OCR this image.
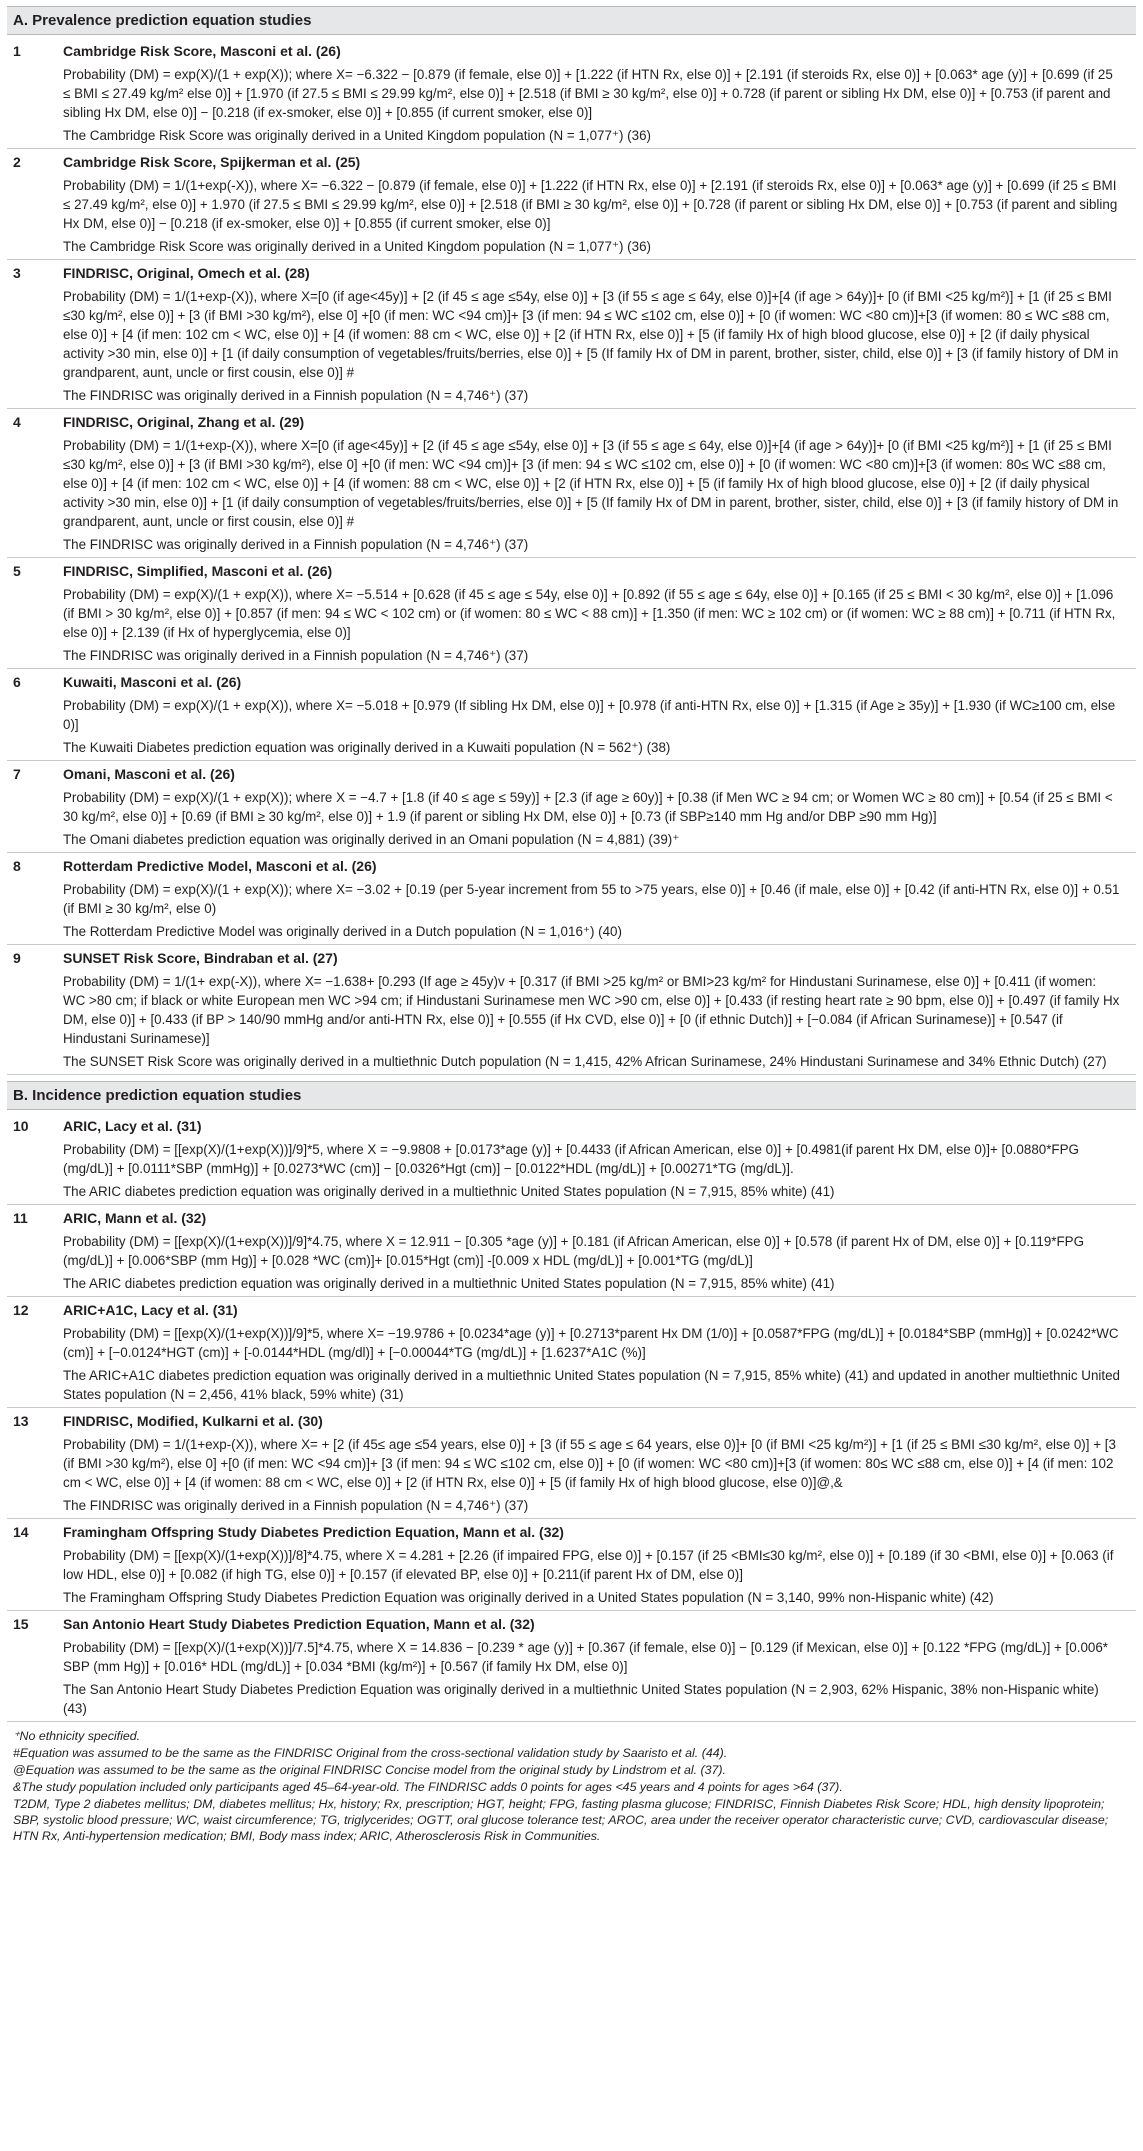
A. Prevalence prediction equation studies
1	Cambridge Risk Score, Masconi et al. (26)
Probability (DM) = exp(X)/(1 + exp(X)); where X= −6.322 − [0.879 (if female, else 0)] + [1.222 (if HTN Rx, else 0)] + [2.191 (if steroids Rx, else 0)] + [0.063* age (y)] + [0.699 (if 25 ≤ BMI ≤ 27.49 kg/m² else 0)] + [1.970 (if 27.5 ≤ BMI ≤ 29.99 kg/m², else 0)] + [2.518 (if BMI ≥ 30 kg/m², else 0)] + 0.728 (if parent or sibling Hx DM, else 0)] + [0.753 (if parent and sibling Hx DM, else 0)] − [0.218 (if ex-smoker, else 0)] + [0.855 (if current smoker, else 0)]
The Cambridge Risk Score was originally derived in a United Kingdom population (N = 1,077⁺) (36)
2	Cambridge Risk Score, Spijkerman et al. (25)
Probability (DM) = 1/(1+exp(-X)), where X= −6.322 − [0.879 (if female, else 0)] + [1.222 (if HTN Rx, else 0)] + [2.191 (if steroids Rx, else 0)] + [0.063* age (y)] + [0.699 (if 25 ≤ BMI ≤ 27.49 kg/m², else 0)] + 1.970 (if 27.5 ≤ BMI ≤ 29.99 kg/m², else 0)] + [2.518 (if BMI ≥ 30 kg/m², else 0)] + [0.728 (if parent or sibling Hx DM, else 0)] + [0.753 (if parent and sibling Hx DM, else 0)] − [0.218 (if ex-smoker, else 0)] + [0.855 (if current smoker, else 0)]
The Cambridge Risk Score was originally derived in a United Kingdom population (N = 1,077⁺) (36)
3	FINDRISC, Original, Omech et al. (28)
Probability (DM) = 1/(1+exp-(X)), where X=[0 (if age<45y)] + [2 (if 45 ≤ age ≤54y, else 0)] + [3 (if 55 ≤ age ≤ 64y, else 0)]+[4 (if age > 64y)]+ [0 (if BMI <25 kg/m²)] + [1 (if 25 ≤ BMI ≤30 kg/m², else 0)] + [3 (if BMI >30 kg/m²), else 0] +[0 (if men: WC <94 cm)]+ [3 (if men: 94 ≤ WC ≤102 cm, else 0)] + [0 (if women: WC <80 cm)]+[3 (if women: 80 ≤ WC ≤88 cm, else 0)] + [4 (if men: 102 cm < WC, else 0)] + [4 (if women: 88 cm < WC, else 0)] + [2 (if HTN Rx, else 0)] + [5 (if family Hx of high blood glucose, else 0)] + [2 (if daily physical activity >30 min, else 0)] + [1 (if daily consumption of vegetables/fruits/berries, else 0)] + [5 (If family Hx of DM in parent, brother, sister, child, else 0)] + [3 (if family history of DM in grandparent, aunt, uncle or first cousin, else 0)] #
The FINDRISC was originally derived in a Finnish population (N = 4,746⁺) (37)
4	FINDRISC, Original, Zhang et al. (29)
Probability (DM) = 1/(1+exp-(X)), where X=[0 (if age<45y)] + [2 (if 45 ≤ age ≤54y, else 0)] + [3 (if 55 ≤ age ≤ 64y, else 0)]+[4 (if age > 64y)]+ [0 (if BMI <25 kg/m²)] + [1 (if 25 ≤ BMI ≤30 kg/m², else 0)] + [3 (if BMI >30 kg/m²), else 0] +[0 (if men: WC <94 cm)]+ [3 (if men: 94 ≤ WC ≤102 cm, else 0)] + [0 (if women: WC <80 cm)]+[3 (if women: 80≤ WC ≤88 cm, else 0)] + [4 (if men: 102 cm < WC, else 0)] + [4 (if women: 88 cm < WC, else 0)] + [2 (if HTN Rx, else 0)] + [5 (if family Hx of high blood glucose, else 0)] + [2 (if daily physical activity >30 min, else 0)] + [1 (if daily consumption of vegetables/fruits/berries, else 0)] + [5 (If family Hx of DM in parent, brother, sister, child, else 0)] + [3 (if family history of DM in grandparent, aunt, uncle or first cousin, else 0)] #
The FINDRISC was originally derived in a Finnish population (N = 4,746⁺) (37)
5	FINDRISC, Simplified, Masconi et al. (26)
Probability (DM) = exp(X)/(1 + exp(X)), where X= −5.514 + [0.628 (if 45 ≤ age ≤ 54y, else 0)] + [0.892 (if 55 ≤ age ≤ 64y, else 0)] + [0.165 (if 25 ≤ BMI < 30 kg/m², else 0)] + [1.096 (if BMI > 30 kg/m², else 0)] + [0.857 (if men: 94 ≤ WC < 102 cm) or (if women: 80 ≤ WC < 88 cm)] + [1.350 (if men: WC ≥ 102 cm) or (if women: WC ≥ 88 cm)] + [0.711 (if HTN Rx, else 0)] + [2.139 (if Hx of hyperglycemia, else 0)]
The FINDRISC was originally derived in a Finnish population (N = 4,746⁺) (37)
6	Kuwaiti, Masconi et al. (26)
Probability (DM) = exp(X)/(1 + exp(X)), where X= −5.018 + [0.979 (If sibling Hx DM, else 0)] + [0.978 (if anti-HTN Rx, else 0)] + [1.315 (if Age ≥ 35y)] + [1.930 (if WC≥100 cm, else 0)]
The Kuwaiti Diabetes prediction equation was originally derived in a Kuwaiti population (N = 562⁺) (38)
7	Omani, Masconi et al. (26)
Probability (DM) = exp(X)/(1 + exp(X)); where X = −4.7 + [1.8 (if 40 ≤ age ≤ 59y)] + [2.3 (if age ≥ 60y)] + [0.38 (if Men WC ≥ 94 cm; or Women WC ≥ 80 cm)] + [0.54 (if 25 ≤ BMI < 30 kg/m², else 0)] + [0.69 (if BMI ≥ 30 kg/m², else 0)] + 1.9 (if parent or sibling Hx DM, else 0)] + [0.73 (if SBP≥140 mm Hg and/or DBP ≥90 mm Hg)]
The Omani diabetes prediction equation was originally derived in an Omani population (N = 4,881) (39)⁺
8	Rotterdam Predictive Model, Masconi et al. (26)
Probability (DM) = exp(X)/(1 + exp(X)); where X= −3.02 + [0.19 (per 5-year increment from 55 to >75 years, else 0)] + [0.46 (if male, else 0)] + [0.42 (if anti-HTN Rx, else 0)] + 0.51 (if BMI ≥ 30 kg/m², else 0)
The Rotterdam Predictive Model was originally derived in a Dutch population (N = 1,016⁺) (40)
9	SUNSET Risk Score, Bindraban et al. (27)
Probability (DM) = 1/(1+ exp(-X)), where X= −1.638+ [0.293 (If age ≥ 45y)v + [0.317 (if BMI >25 kg/m² or BMI>23 kg/m² for Hindustani Surinamese, else 0)] + [0.411 (if women: WC >80 cm; if black or white European men WC >94 cm; if Hindustani Surinamese men WC >90 cm, else 0)] + [0.433 (if resting heart rate ≥ 90 bpm, else 0)] + [0.497 (if family Hx DM, else 0)] + [0.433 (if BP > 140/90 mmHg and/or anti-HTN Rx, else 0)] + [0.555 (if Hx CVD, else 0)] + [0 (if ethnic Dutch)] + [−0.084 (if African Surinamese)] + [0.547 (if Hindustani Surinamese)]
The SUNSET Risk Score was originally derived in a multiethnic Dutch population (N = 1,415, 42% African Surinamese, 24% Hindustani Surinamese and 34% Ethnic Dutch) (27)
B. Incidence prediction equation studies
10	ARIC, Lacy et al. (31)
Probability (DM) = [[exp(X)/(1+exp(X))]/9]*5, where X = −9.9808 + [0.0173*age (y)] + [0.4433 (if African American, else 0)] + [0.4981(if parent Hx DM, else 0)]+ [0.0880*FPG (mg/dL)] + [0.0111*SBP (mmHg)] + [0.0273*WC (cm)] − [0.0326*Hgt (cm)] − [0.0122*HDL (mg/dL)] + [0.00271*TG (mg/dL)].
The ARIC diabetes prediction equation was originally derived in a multiethnic United States population (N = 7,915, 85% white) (41)
11	ARIC, Mann et al. (32)
Probability (DM) = [[exp(X)/(1+exp(X))]/9]*4.75, where X = 12.911 − [0.305 *age (y)] + [0.181 (if African American, else 0)] + [0.578 (if parent Hx of DM, else 0)] + [0.119*FPG (mg/dL)] + [0.006*SBP (mm Hg)] + [0.028 *WC (cm)]+ [0.015*Hgt (cm)] -[0.009 x HDL (mg/dL)] + [0.001*TG (mg/dL)]
The ARIC diabetes prediction equation was originally derived in a multiethnic United States population (N = 7,915, 85% white) (41)
12	ARIC+A1C, Lacy et al. (31)
Probability (DM) = [[exp(X)/(1+exp(X))]/9]*5, where X= −19.9786 + [0.0234*age (y)] + [0.2713*parent Hx DM (1/0)] + [0.0587*FPG (mg/dL)] + [0.0184*SBP (mmHg)] + [0.0242*WC (cm)] + [−0.0124*HGT (cm)] + [-0.0144*HDL (mg/dl)] + [−0.00044*TG (mg/dL)] + [1.6237*A1C (%)]
The ARIC+A1C diabetes prediction equation was originally derived in a multiethnic United States population (N = 7,915, 85% white) (41) and updated in another multiethnic United States population (N = 2,456, 41% black, 59% white) (31)
13	FINDRISC, Modified, Kulkarni et al. (30)
Probability (DM) = 1/(1+exp-(X)), where X= + [2 (if 45≤ age ≤54 years, else 0)] + [3 (if 55 ≤ age ≤ 64 years, else 0)]+ [0 (if BMI <25 kg/m²)] + [1 (if 25 ≤ BMI ≤30 kg/m², else 0)] + [3 (if BMI >30 kg/m²), else 0] +[0 (if men: WC <94 cm)]+ [3 (if men: 94 ≤ WC ≤102 cm, else 0)] + [0 (if women: WC <80 cm)]+[3 (if women: 80≤ WC ≤88 cm, else 0)] + [4 (if men: 102 cm < WC, else 0)] + [4 (if women: 88 cm < WC, else 0)] + [2 (if HTN Rx, else 0)] + [5 (if family Hx of high blood glucose, else 0)]@,&
The FINDRISC was originally derived in a Finnish population (N = 4,746⁺) (37)
14	Framingham Offspring Study Diabetes Prediction Equation, Mann et al. (32)
Probability (DM) = [[exp(X)/(1+exp(X))]/8]*4.75, where X = 4.281 + [2.26 (if impaired FPG, else 0)] + [0.157 (if 25 <BMI≤30 kg/m², else 0)] + [0.189 (if 30 <BMI, else 0)] + [0.063 (if low HDL, else 0)] + [0.082 (if high TG, else 0)] + [0.157 (if elevated BP, else 0)] + [0.211(if parent Hx of DM, else 0)]
The Framingham Offspring Study Diabetes Prediction Equation was originally derived in a United States population (N = 3,140, 99% non-Hispanic white) (42)
15	San Antonio Heart Study Diabetes Prediction Equation, Mann et al. (32)
Probability (DM) = [[exp(X)/(1+exp(X))]/7.5]*4.75, where X = 14.836 − [0.239 * age (y)] + [0.367 (if female, else 0)] − [0.129 (if Mexican, else 0)] + [0.122 *FPG (mg/dL)] + [0.006* SBP (mm Hg)] + [0.016* HDL (mg/dL)] + [0.034 *BMI (kg/m²)] + [0.567 (if family Hx DM, else 0)]
The San Antonio Heart Study Diabetes Prediction Equation was originally derived in a multiethnic United States population (N = 2,903, 62% Hispanic, 38% non-Hispanic white) (43)
⁺No ethnicity specified.
#Equation was assumed to be the same as the FINDRISC Original from the cross-sectional validation study by Saaristo et al. (44).
@Equation was assumed to be the same as the original FINDRISC Concise model from the original study by Lindstrom et al. (37).
&The study population included only participants aged 45–64-year-old. The FINDRISC adds 0 points for ages <45 years and 4 points for ages >64 (37).
T2DM, Type 2 diabetes mellitus; DM, diabetes mellitus; Hx, history; Rx, prescription; HGT, height; FPG, fasting plasma glucose; FINDRISC, Finnish Diabetes Risk Score; HDL, high density lipoprotein; SBP, systolic blood pressure; WC, waist circumference; TG, triglycerides; OGTT, oral glucose tolerance test; AROC, area under the receiver operator characteristic curve; CVD, cardiovascular disease; HTN Rx, Anti-hypertension medication; BMI, Body mass index; ARIC, Atherosclerosis Risk in Communities.
